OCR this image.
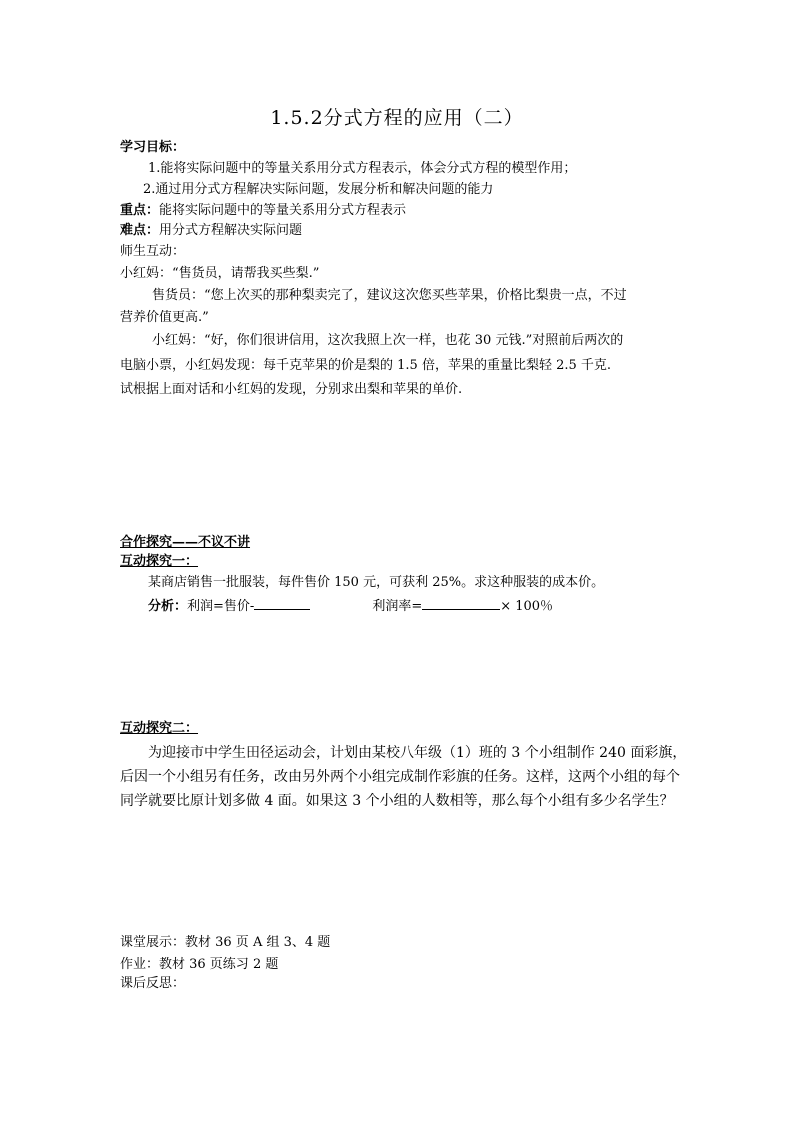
1.5.2分式方程的应用（二）
学习目标：
1.能将实际问题中的等量关系用分式方程表示，体会分式方程的模型作用；
2.通过用分式方程解决实际问题，发展分析和解决问题的能力
重点：能将实际问题中的等量关系用分式方程表示
难点：用分式方程解决实际问题
师生互动：
小红妈：“售货员，请帮我买些梨.”
售货员：“您上次买的那种梨卖完了，建议这次您买些苹果，价格比梨贵一点，不过
营养价值更高.”
小红妈：“好，你们很讲信用，这次我照上次一样，也花 30 元钱.”对照前后两次的
电脑小票，小红妈发现：每千克苹果的价是梨的 1.5 倍，苹果的重量比梨轻 2.5 千克.
试根据上面对话和小红妈的发现，分别求出梨和苹果的单价.
合作探究——不议不讲
互动探究一：
某商店销售一批服装，每件售价 150 元，可获利 25%。求这种服装的成本价。
分析：利润=售价-	利润率=	× 100％
互动探究二：
为迎接市中学生田径运动会，计划由某校八年级（1）班的 3 个小组制作 240 面彩旗，
后因一个小组另有任务，改由另外两个小组完成制作彩旗的任务。这样，这两个小组的每个
同学就要比原计划多做 4 面。如果这 3 个小组的人数相等，那么每个小组有多少名学生？
课堂展示：教材 36 页 A 组 3、4 题
作业：教材 36 页练习 2 题
课后反思：
